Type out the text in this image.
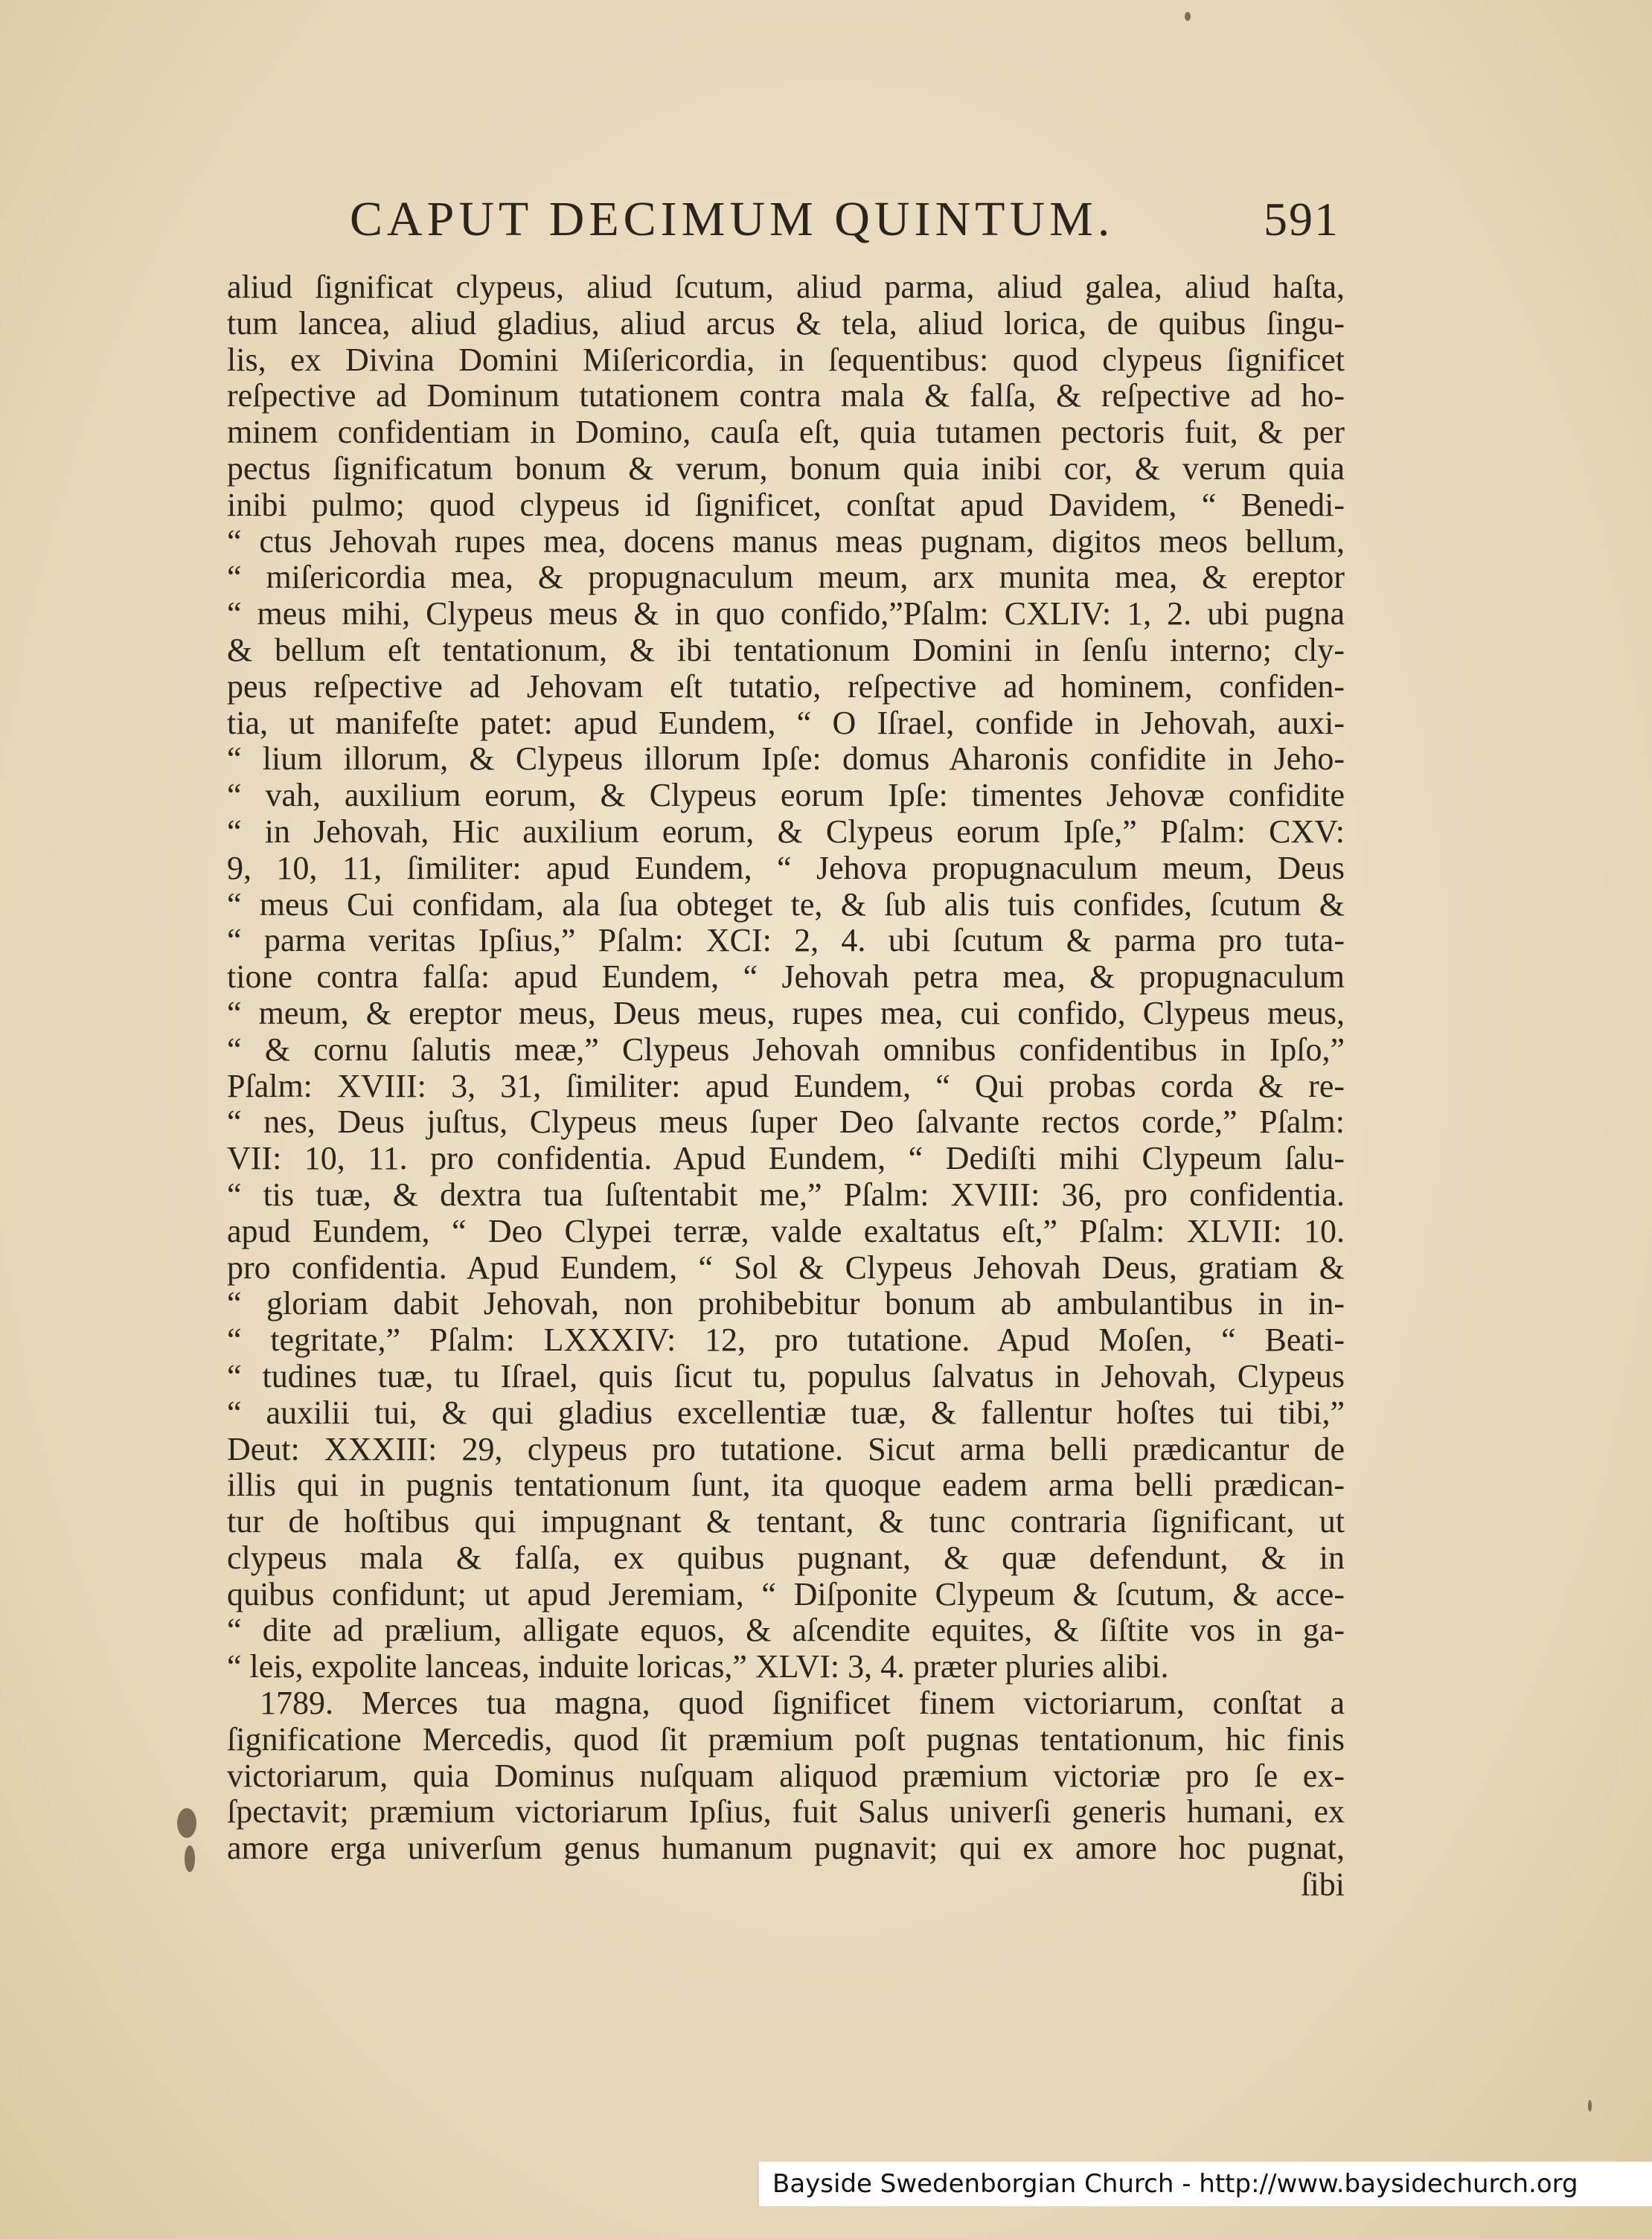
CAPUT DECIMUM QUINTUM.	591
aliud ſignificat clypeus, aliud ſcutum, aliud parma, aliud galea, aliud haſta,
tum lancea, aliud gladius, aliud arcus & tela, aliud lorica, de quibus ſingu-
lis, ex Divina Domini Miſericordia, in ſequentibus: quod clypeus ſignificet
reſpective ad Dominum tutationem contra mala & falſa, & reſpective ad ho-
minem confidentiam in Domino, cauſa eſt, quia tutamen pectoris fuit, & per
pectus ſignificatum bonum & verum, bonum quia inibi cor, & verum quia
inibi pulmo; quod clypeus id ſignificet, conſtat apud Davidem, “ Benedi-
“ ctus Jehovah rupes mea, docens manus meas pugnam, digitos meos bellum,
“ miſericordia mea, & propugnaculum meum, arx munita mea, & ereptor
“ meus mihi, Clypeus meus & in quo confido,”Pſalm: CXLIV: 1, 2. ubi pugna
& bellum eſt tentationum, & ibi tentationum Domini in ſenſu interno; cly-
peus reſpective ad Jehovam eſt tutatio, reſpective ad hominem, confiden-
tia, ut manifeſte patet: apud Eundem, “ O Iſrael, confide in Jehovah, auxi-
“ lium illorum, & Clypeus illorum Ipſe: domus Aharonis confidite in Jeho-
“ vah, auxilium eorum, & Clypeus eorum Ipſe: timentes Jehovæ confidite
“ in Jehovah, Hic auxilium eorum, & Clypeus eorum Ipſe,” Pſalm: CXV:
9, 10, 11, ſimiliter: apud Eundem, “ Jehova propugnaculum meum, Deus
“ meus Cui confidam, ala ſua obteget te, & ſub alis tuis confides, ſcutum &
“ parma veritas Ipſius,” Pſalm: XCI: 2, 4. ubi ſcutum & parma pro tuta-
tione contra falſa: apud Eundem, “ Jehovah petra mea, & propugnaculum
“ meum, & ereptor meus, Deus meus, rupes mea, cui confido, Clypeus meus,
“ & cornu ſalutis meæ,” Clypeus Jehovah omnibus confidentibus in Ipſo,”
Pſalm: XVIII: 3, 31, ſimiliter: apud Eundem, “ Qui probas corda & re-
“ nes, Deus juſtus, Clypeus meus ſuper Deo ſalvante rectos corde,” Pſalm:
VII: 10, 11. pro confidentia. Apud Eundem, “ Dediſti mihi Clypeum ſalu-
“ tis tuæ, & dextra tua ſuſtentabit me,” Pſalm: XVIII: 36, pro confidentia.
apud Eundem, “ Deo Clypei terræ, valde exaltatus eſt,” Pſalm: XLVII: 10.
pro confidentia. Apud Eundem, “ Sol & Clypeus Jehovah Deus, gratiam &
“ gloriam dabit Jehovah, non prohibebitur bonum ab ambulantibus in in-
“ tegritate,” Pſalm: LXXXIV: 12, pro tutatione. Apud Moſen, “ Beati-
“ tudines tuæ, tu Iſrael, quis ſicut tu, populus ſalvatus in Jehovah, Clypeus
“ auxilii tui, & qui gladius excellentiæ tuæ, & fallentur hoſtes tui tibi,”
Deut: XXXIII: 29, clypeus pro tutatione. Sicut arma belli prædicantur de
illis qui in pugnis tentationum ſunt, ita quoque eadem arma belli prædican-
tur de hoſtibus qui impugnant & tentant, & tunc contraria ſignificant, ut
clypeus mala & falſa, ex quibus pugnant, & quæ defendunt, & in
quibus confidunt; ut apud Jeremiam, “ Diſponite Clypeum & ſcutum, & acce-
“ dite ad prælium, alligate equos, & aſcendite equites, & ſiſtite vos in ga-
“ leis, expolite lanceas, induite loricas,” XLVI: 3, 4. præter pluries alibi.
1789. Merces tua magna, quod ſignificet finem victoriarum, conſtat a
ſignificatione Mercedis, quod ſit præmium poſt pugnas tentationum, hic finis
victoriarum, quia Dominus nuſquam aliquod præmium victoriæ pro ſe ex-
ſpectavit; præmium victoriarum Ipſius, fuit Salus univerſi generis humani, ex
amore erga univerſum genus humanum pugnavit; qui ex amore hoc pugnat,
ſibi
Bayside Swedenborgian Church - http://www.baysidechurch.org
